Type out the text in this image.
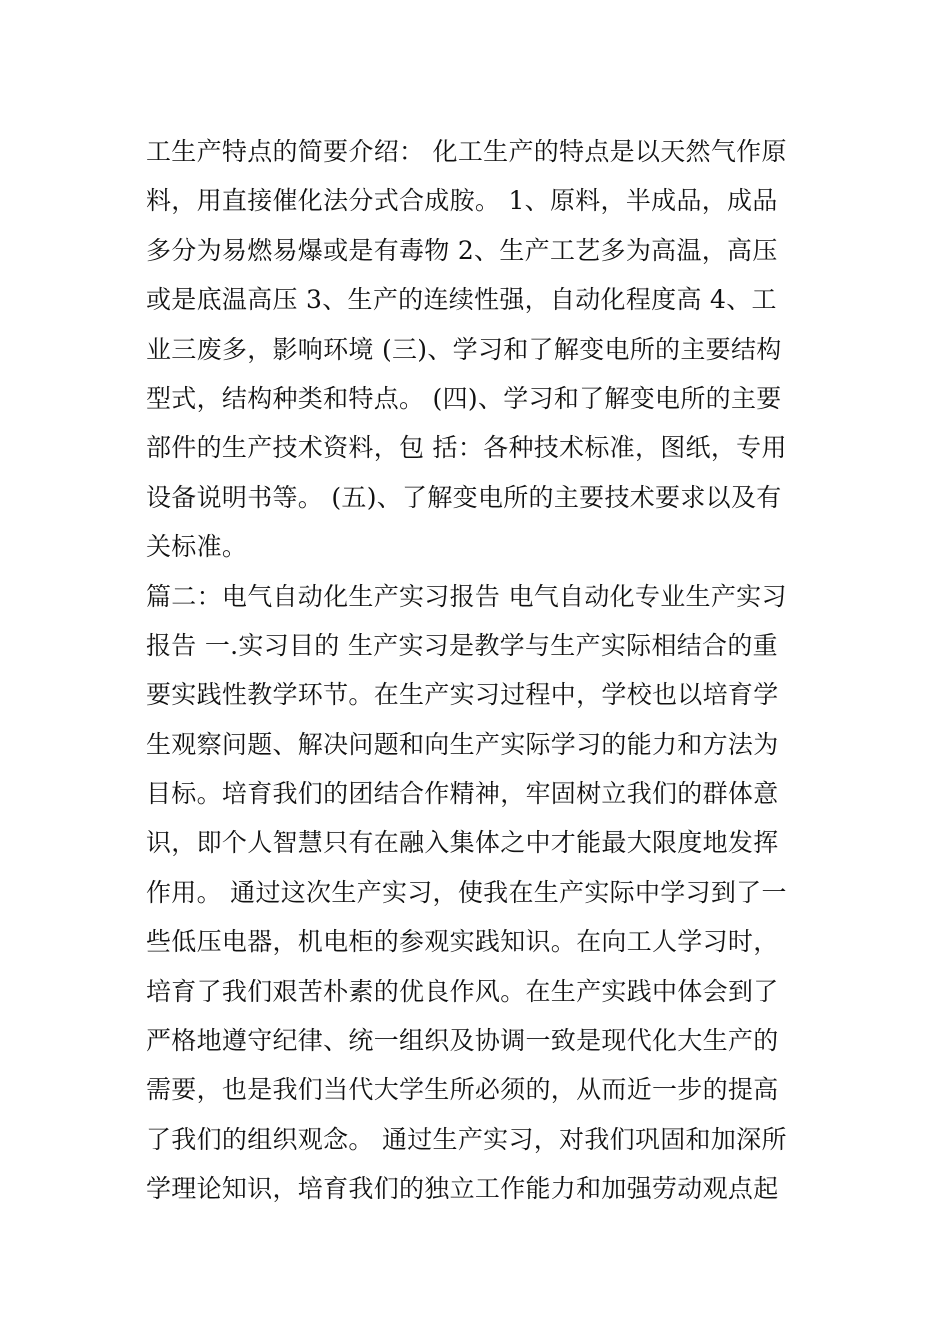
工生产特点的简要介绍： 化工生产的特点是以天然气作原
料，用直接催化法分式合成胺。 1、原料，半成品，成品
多分为易燃易爆或是有毒物 2、生产工艺多为高温，高压
或是底温高压 3、生产的连续性强，自动化程度高 4、工
业三废多，影响环境 (三)、学习和了解变电所的主要结构
型式，结构种类和特点。 (四)、学习和了解变电所的主要
部件的生产技术资料，包 括：各种技术标准，图纸，专用
设备说明书等。 (五)、了解变电所的主要技术要求以及有
关标准。
篇二：电气自动化生产实习报告 电气自动化专业生产实习
报告 一.实习目的 生产实习是教学与生产实际相结合的重
要实践性教学环节。在生产实习过程中，学校也以培育学
生观察问题、解决问题和向生产实际学习的能力和方法为
目标。培育我们的团结合作精神，牢固树立我们的群体意
识，即个人智慧只有在融入集体之中才能最大限度地发挥
作用。 通过这次生产实习，使我在生产实际中学习到了一
些低压电器，机电柜的参观实践知识。在向工人学习时，
培育了我们艰苦朴素的优良作风。在生产实践中体会到了
严格地遵守纪律、统一组织及协调一致是现代化大生产的
需要，也是我们当代大学生所必须的，从而近一步的提高
了我们的组织观念。 通过生产实习，对我们巩固和加深所
学理论知识，培育我们的独立工作能力和加强劳动观点起
